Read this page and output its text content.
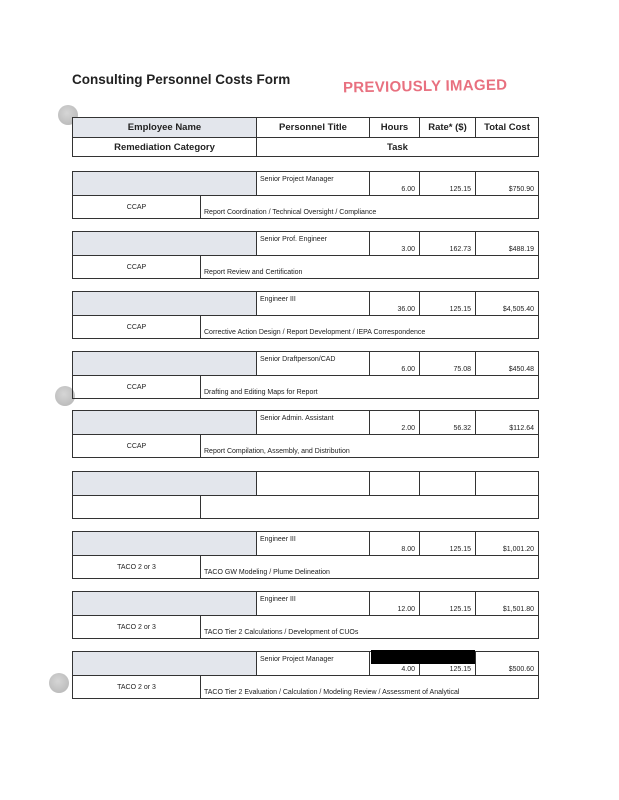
Consulting Personnel Costs Form	PREVIOUSLY IMAGED
Employee Name	Personnel Title	Hours	Rate* ($)	Total Cost
Remediation Category	Task			
		Senior Project Manager	6.00	125.15	$750.90
CCAP	Report Coordination / Technical Oversight / Compliance				
		Senior Prof. Engineer	3.00	162.73	$488.19
CCAP	Report Review and Certification				
		Engineer III	36.00	125.15	$4,505.40
CCAP	Corrective Action Design / Report Development / IEPA Correspondence				
		Senior Draftperson/CAD	6.00	75.08	$450.48
CCAP	Drafting and Editing Maps for Report				
		Senior Admin. Assistant	2.00	56.32	$112.64
CCAP	Report Compilation, Assembly, and Distribution				

		Engineer III	8.00	125.15	$1,001.20
TACO 2 or 3	TACO GW Modeling / Plume Delineation				
		Engineer III	12.00	125.15	$1,501.80
TACO 2 or 3	TACO Tier 2 Calculations / Development of CUOs				
		Senior Project Manager	4.00	125.15	$500.60
TACO 2 or 3	TACO Tier 2 Evaluation / Calculation / Modeling Review / Assessment of Analytical				
